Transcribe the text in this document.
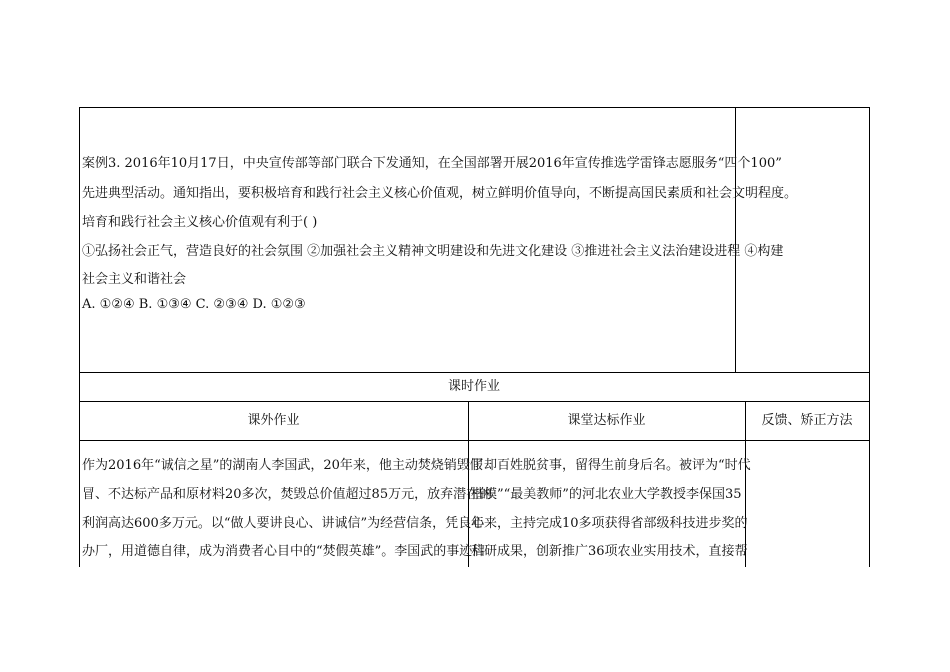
案例3. 2016年10月17日，中央宣传部等部门联合下发通知，在全国部署开展2016年宣传推选学雷锋志愿服务“四个100”
先进典型活动。通知指出，要积极培育和践行社会主义核心价值观，树立鲜明价值导向，不断提高国民素质和社会文明程度。
培育和践行社会主义核心价值观有利于( )
①弘扬社会正气，营造良好的社会氛围 ②加强社会主义精神文明建设和先进文化建设 ③推进社会主义法治建设进程 ④构建
社会主义和谐社会
A. ①②④ B. ①③④ C. ②③④ D. ①②③
课时作业
课外作业	课堂达标作业	反馈、矫正方法
作为2016年“诚信之星”的湖南人李国武，20年来，他主动焚烧销毁假
冒、不达标产品和原材料20多次，焚毁总价值超过85万元，放弃潜在的
利润高达600多万元。以“做人要讲良心、讲诚信”为经营信条，凭良心
办厂，用道德自律，成为消费者心目中的“焚假英雄”。李国武的事迹启
了却百姓脱贫事，留得生前身后名。被评为“时代
楷模”“最美教师”的河北农业大学教授李保国35
年来，主持完成10多项获得省部级科技进步奖的
科研成果，创新推广36项农业实用技术，直接帮
